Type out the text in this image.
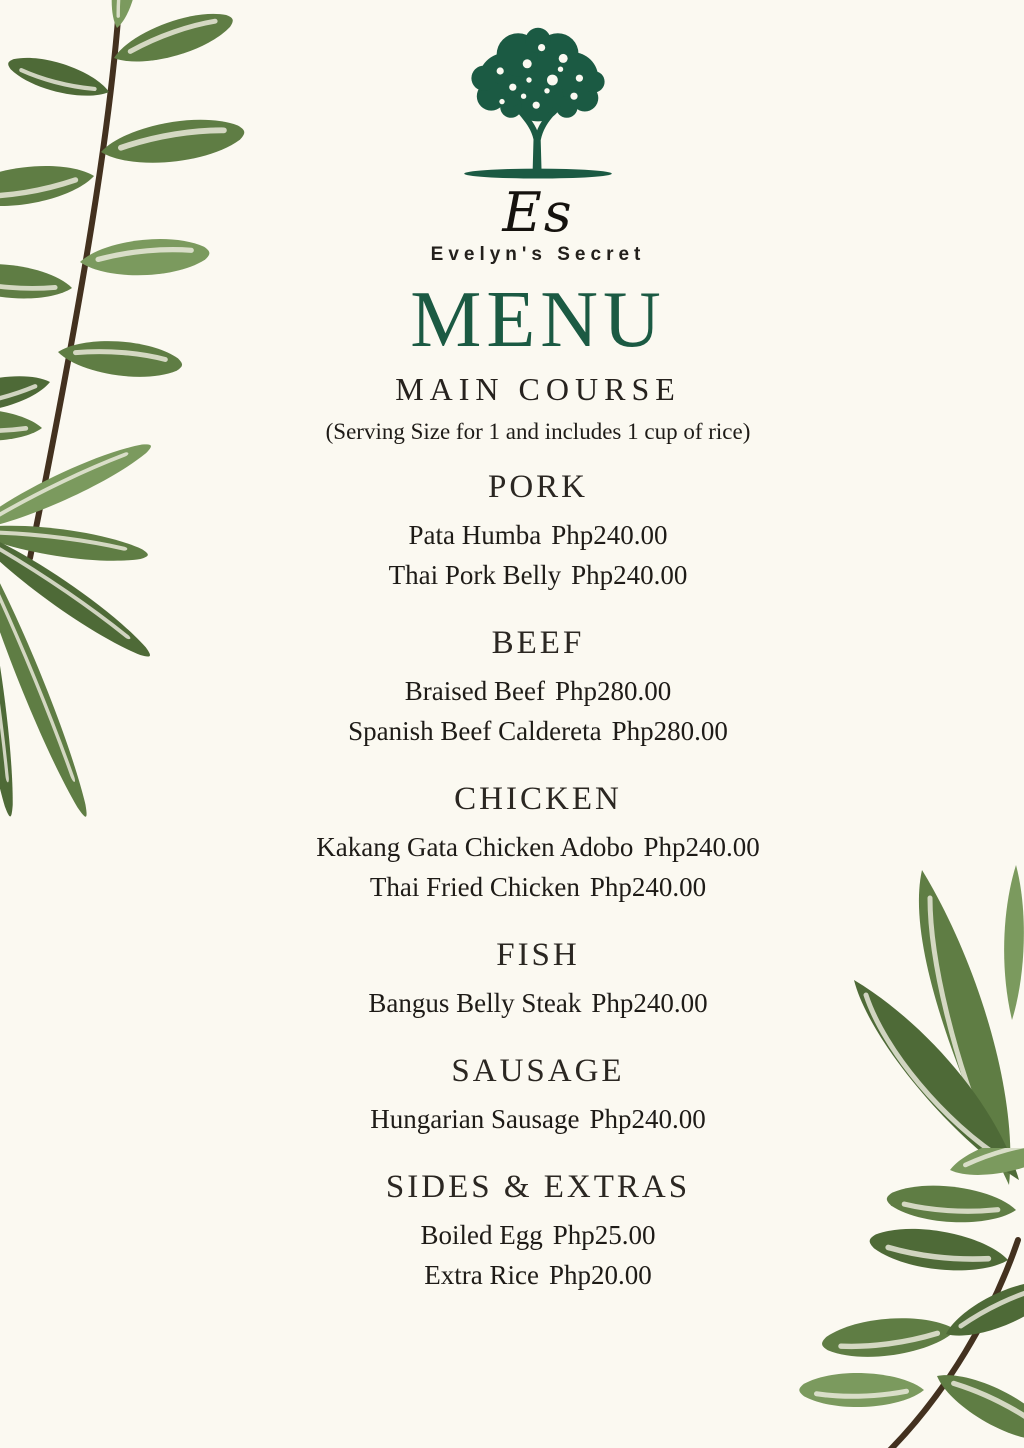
Es
Evelyn's Secret
MENU
MAIN COURSE
(Serving Size for 1 and includes 1 cup of rice)
PORK
Pata Humba Php240.00
Thai Pork Belly Php240.00
BEEF
Braised Beef Php280.00
Spanish Beef Caldereta Php280.00
CHICKEN
Kakang Gata Chicken Adobo Php240.00
Thai Fried Chicken Php240.00
FISH
Bangus Belly Steak Php240.00
SAUSAGE
Hungarian Sausage Php240.00
SIDES & EXTRAS
Boiled Egg Php25.00
Extra Rice Php20.00
